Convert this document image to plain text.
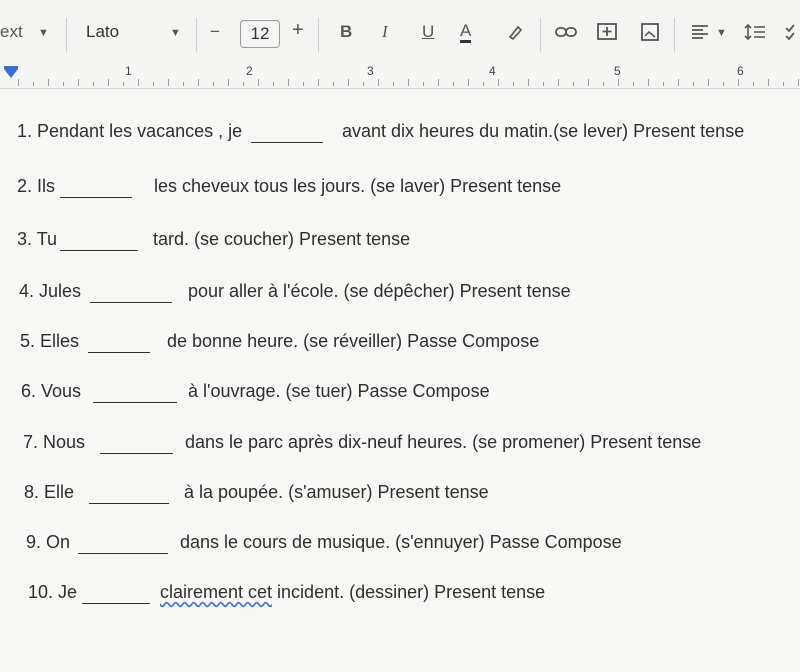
ext ▼ Lato	▼ −	12	+ B I U A	▼
1	2	3	4	5	6
1. Pendant les vacances , je	avant dix heures du matin.(se lever) Present tense
2. Ils	les cheveux tous les jours. (se laver) Present tense
3. Tu	tard. (se coucher) Present tense
4. Jules	pour aller à l'école. (se dépêcher) Present tense
5. Elles	de bonne heure. (se réveiller) Passe Compose
6. Vous	à l'ouvrage. (se tuer) Passe Compose
7. Nous	dans le parc après dix-neuf heures. (se promener) Present tense
8. Elle	à la poupée. (s'amuser) Present tense
9. On	dans le cours de musique. (s'ennuyer) Passe Compose
10. Je	clairement cet incident. (dessiner) Present tense
